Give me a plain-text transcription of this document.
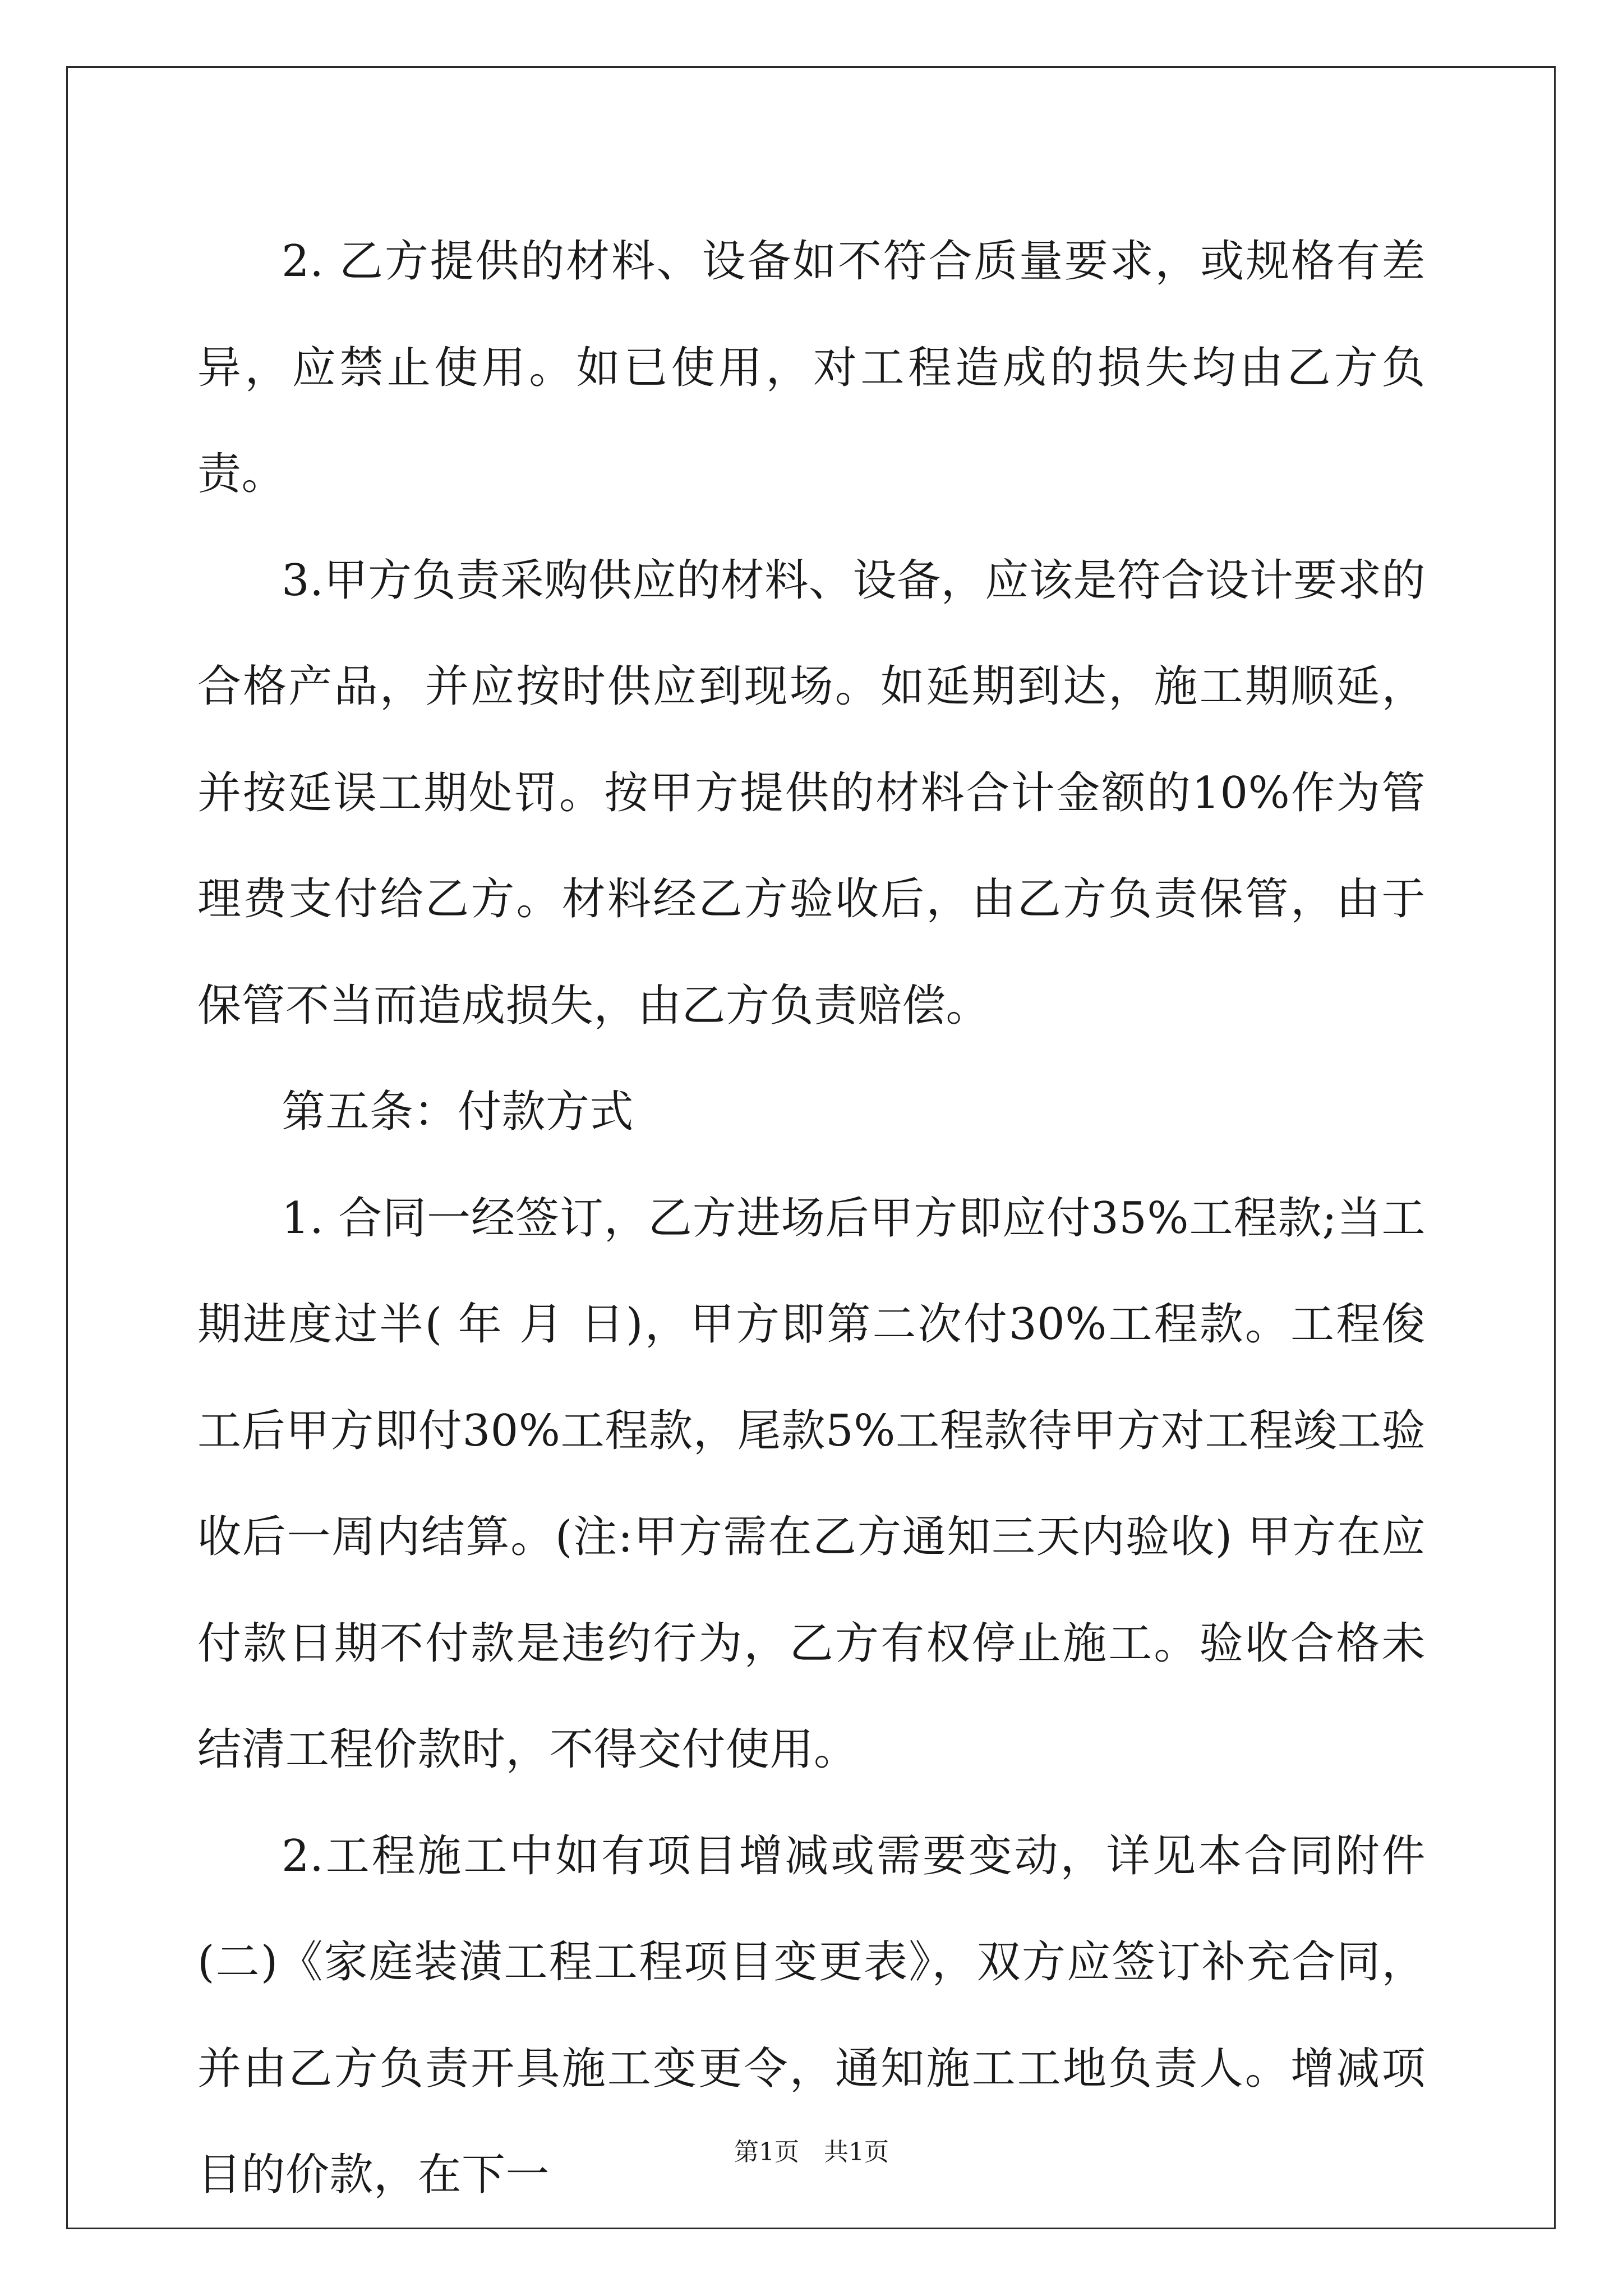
2. 乙方提供的材料、设备如不符合质量要求，或规格有差异，应禁止使用。如已使用，对工程造成的损失均由乙方负责。

3.甲方负责采购供应的材料、设备，应该是符合设计要求的合格产品，并应按时供应到现场。如延期到达，施工期顺延，并按延误工期处罚。按甲方提供的材料合计金额的10%作为管理费支付给乙方。材料经乙方验收后，由乙方负责保管，由于保管不当而造成损失，由乙方负责赔偿。

第五条：付款方式

1. 合同一经签订，乙方进场后甲方即应付35%工程款;当工期进度过半( 年 月 日)，甲方即第二次付30%工程款。工程俊工后甲方即付30%工程款，尾款5%工程款待甲方对工程竣工验收后一周内结算。(注:甲方需在乙方通知三天内验收) 甲方在应付款日期不付款是违约行为，乙方有权停止施工。验收合格未结清工程价款时，不得交付使用。

2.工程施工中如有项目增减或需要变动，详见本合同附件(二)《家庭装潢工程工程项目变更表》，双方应签订补充合同，并由乙方负责开具施工变更令，通知施工工地负责人。增减项目的价款，在下一	第1页 共1页
